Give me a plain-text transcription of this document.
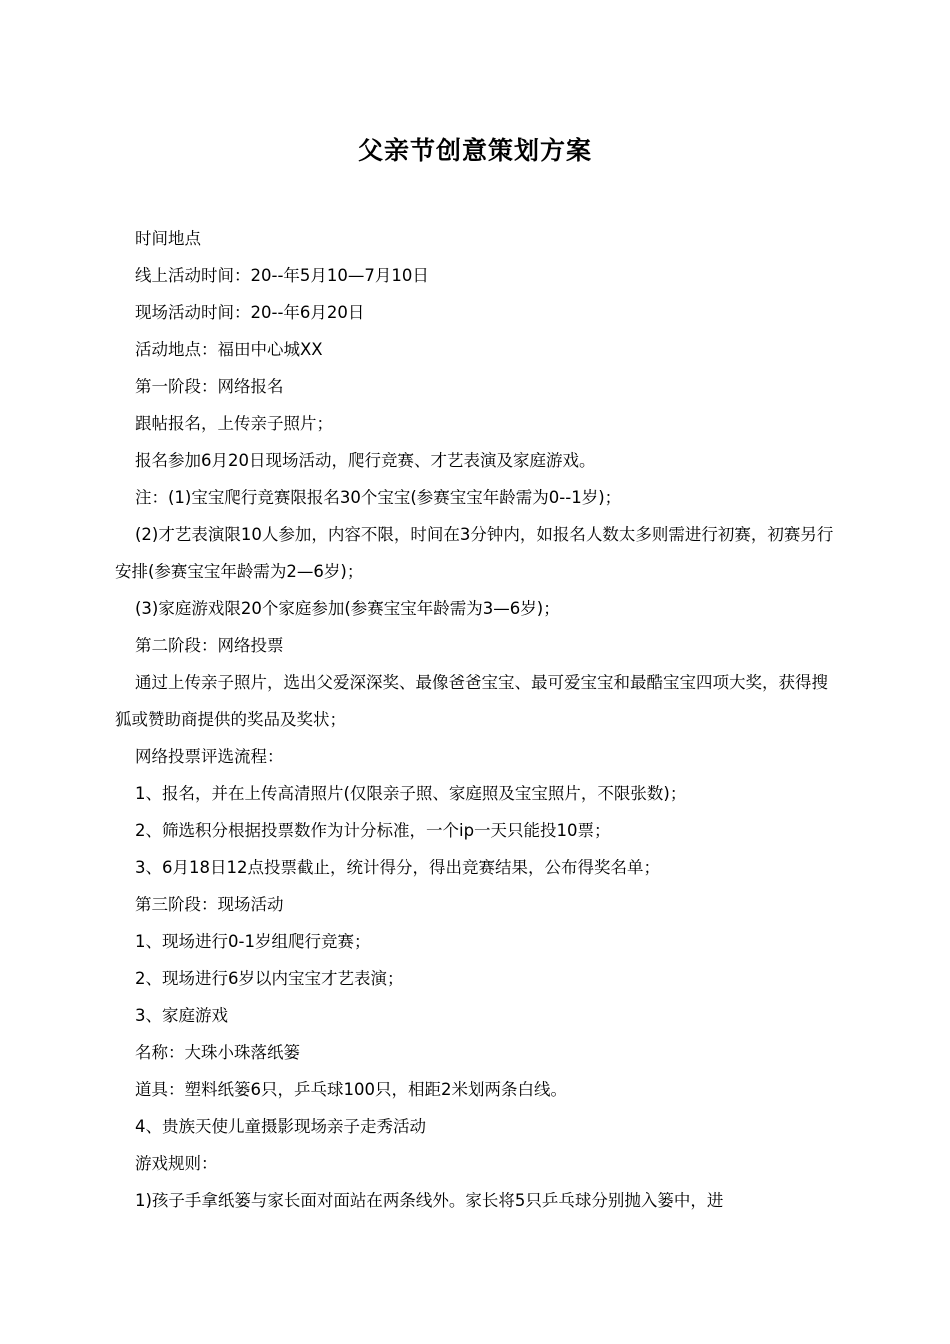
父亲节创意策划方案

时间地点

线上活动时间：20--年5月10—7月10日

现场活动时间：20--年6月20日

活动地点：福田中心城XX

第一阶段：网络报名

跟帖报名，上传亲子照片；

报名参加6月20日现场活动，爬行竞赛、才艺表演及家庭游戏。

注：(1)宝宝爬行竞赛限报名30个宝宝(参赛宝宝年龄需为0--1岁)；

(2)才艺表演限10人参加，内容不限，时间在3分钟内，如报名人数太多则需进行初赛，初赛另行安排(参赛宝宝年龄需为2—6岁)；

(3)家庭游戏限20个家庭参加(参赛宝宝年龄需为3—6岁)；

第二阶段：网络投票

通过上传亲子照片，选出父爱深深奖、最像爸爸宝宝、最可爱宝宝和最酷宝宝四项大奖，获得搜狐或赞助商提供的奖品及奖状；

网络投票评选流程：

1、报名，并在上传高清照片(仅限亲子照、家庭照及宝宝照片，不限张数)；

2、筛选积分根据投票数作为计分标准，一个ip一天只能投10票；

3、6月18日12点投票截止，统计得分，得出竞赛结果，公布得奖名单；

第三阶段：现场活动

1、现场进行0-1岁组爬行竞赛；

2、现场进行6岁以内宝宝才艺表演；

3、家庭游戏

名称：大珠小珠落纸篓

道具：塑料纸篓6只，乒乓球100只，相距2米划两条白线。

4、贵族天使儿童摄影现场亲子走秀活动

游戏规则：

1)孩子手拿纸篓与家长面对面站在两条线外。家长将5只乒乓球分别抛入篓中，进
